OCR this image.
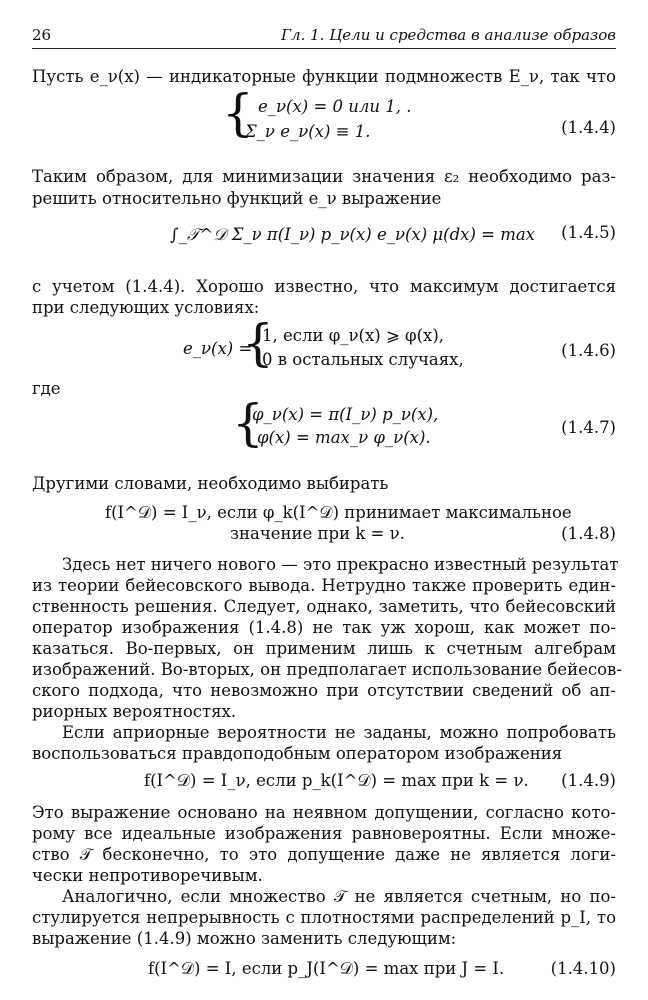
26	Гл. 1. Цели и средства в анализе образов
Пусть e_ν(x) — индикаторные функции подмножеств E_ν, так что
{ e_ν(x) = 0 или 1, .
Σ_ν e_ν(x) ≡ 1.	(1.4.4)
Таким образом, для минимизации значения ε₂ необходимо раз-
решить относительно функций e_ν выражение
∫_𝒯^𝒟 Σ_ν π(I_ν) p_ν(x) e_ν(x) μ(dx) = max (1.4.5)
с учетом (1.4.4). Хорошо известно, что максимум достигается
при следующих условиях:
e_ν(x) =
{
1, если φ_ν(x) ⩾ φ(x),
0 в остальных случаях,	(1.4.6)
где
{
φ_ν(x) = π(I_ν) p_ν(x),
φ(x) = max_ν φ_ν(x).
(1.4.7)
Другими словами, необходимо выбирать
f(I^𝒟) = I_ν, если φ_k(I^𝒟) принимает максимальное
значение при k = ν.	(1.4.8)
Здесь нет ничего нового — это прекрасно известный результат
из теории бейесовского вывода. Нетрудно также проверить един-
ственность решения. Следует, однако, заметить, что бейесовский
оператор изображения (1.4.8) не так уж хорош, как может по-
казаться. Во-первых, он применим лишь к счетным алгебрам
изображений. Во-вторых, он предполагает использование бейесов-
ского подхода, что невозможно при отсутствии сведений об ап-
риорных вероятностях.
Если априорные вероятности не заданы, можно попробовать
воспользоваться правдоподобным оператором изображения
f(I^𝒟) = I_ν, если p_k(I^𝒟) = max при k = ν. (1.4.9)
Это выражение основано на неявном допущении, согласно кото-
рому все идеальные изображения равновероятны. Если множе-
ство 𝒯 бесконечно, то это допущение даже не является логи-
чески непротиворечивым.
Аналогично, если множество 𝒯 не является счетным, но по-
стулируется непрерывность с плотностями распределений p_I, то
выражение (1.4.9) можно заменить следующим:
f(I^𝒟) = I, если p_J(I^𝒟) = max при J = I.	(1.4.10)
